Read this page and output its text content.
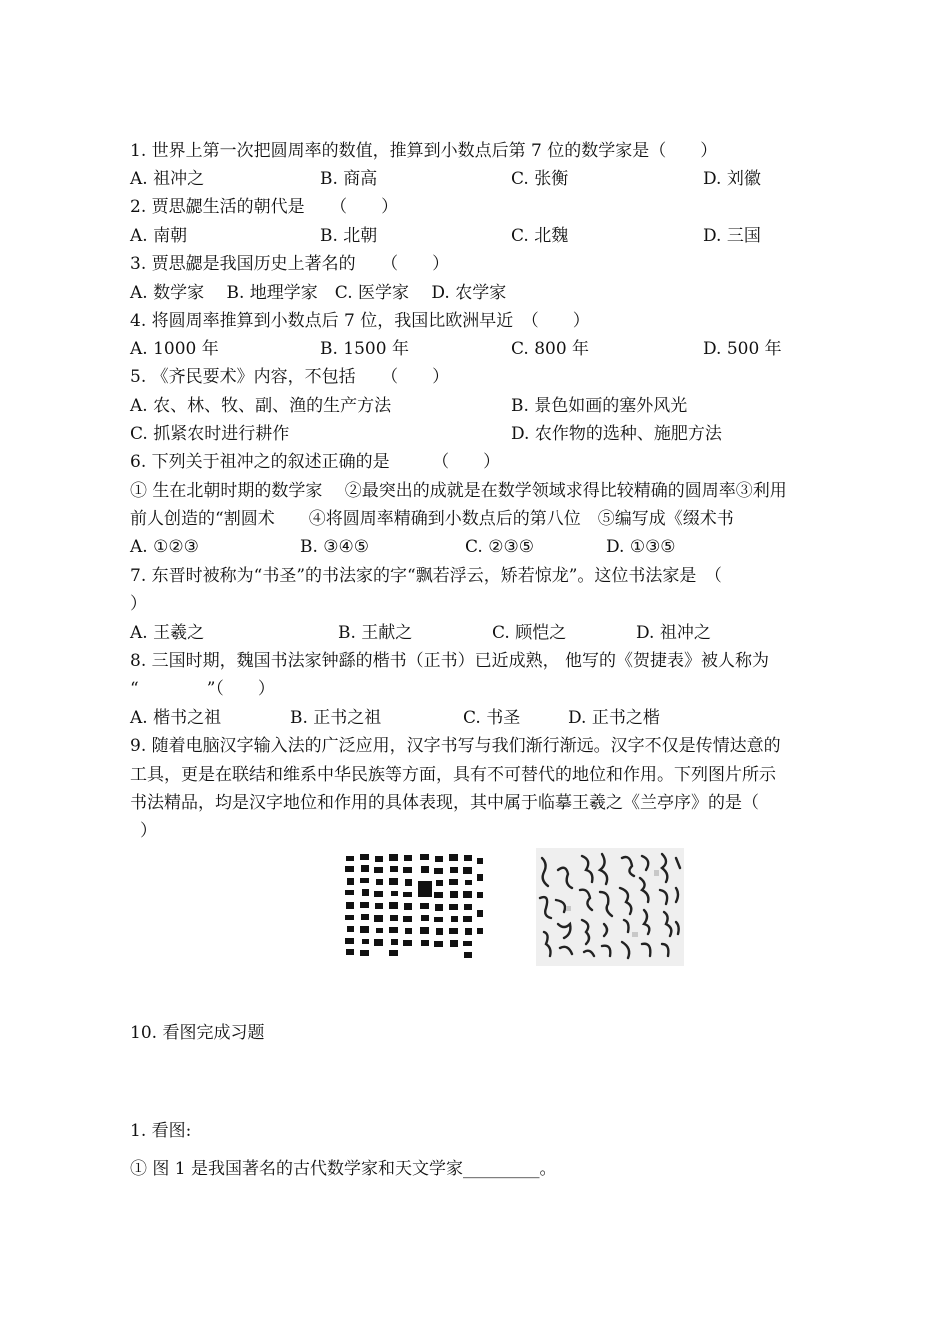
1. 世界上第一次把圆周率的数值，推算到小数点后第 7 位的数学家是（　　）
A. 祖冲之	B. 商高	C. 张衡	D. 刘徽
2. 贾思勰生活的朝代是　　（　　）
A. 南朝	B. 北朝	C. 北魏	D. 三国
3. 贾思勰是我国历史上著名的　　（　　）
A. 数学家　 B. 地理学家　C. 医学家　 D. 农学家
4. 将圆周率推算到小数点后 7 位，我国比欧洲早近　（　　）
A. 1000 年	B. 1500 年	C. 800 年	D. 500 年
5. 《齐民要术》内容，不包括　　（　　）
A. 农、林、牧、副、渔的生产方法	B. 景色如画的塞外风光
C. 抓紧农时进行耕作	D. 农作物的选种、施肥方法
6. 下列关于祖冲之的叙述正确的是　　　（　　）
① 生在北朝时期的数学家　 ②最突出的成就是在数学领域求得比较精确的圆周率③利用
前人创造的“割圆术　　④将圆周率精确到小数点后的第八位　⑤编写成《缀术书
A. ①②③	B. ③④⑤	C. ②③⑤	D. ①③⑤
7. 东晋时被称为“书圣”的书法家的字“飘若浮云，矫若惊龙”。这位书法家是　（
）
A. 王羲之	B. 王献之	C. 顾恺之	D. 祖冲之
8. 三国时期，魏国书法家钟繇的楷书（正书）已近成熟， 他写的《贺捷表》被人称为
“　　　　”（　　）
A. 楷书之祖	B. 正书之祖	C. 书圣	D. 正书之楷
9. 随着电脑汉字输入法的广泛应用，汉字书写与我们渐行渐远。汉字不仅是传情达意的
工具，更是在联结和维系中华民族等方面，具有不可替代的地位和作用。下列图片所示
书法精品，均是汉字地位和作用的具体表现，其中属于临摹王羲之《兰亭序》的是（
）
10. 看图完成习题
1. 看图:
① 图 1 是我国著名的古代数学家和天文学家_________。
